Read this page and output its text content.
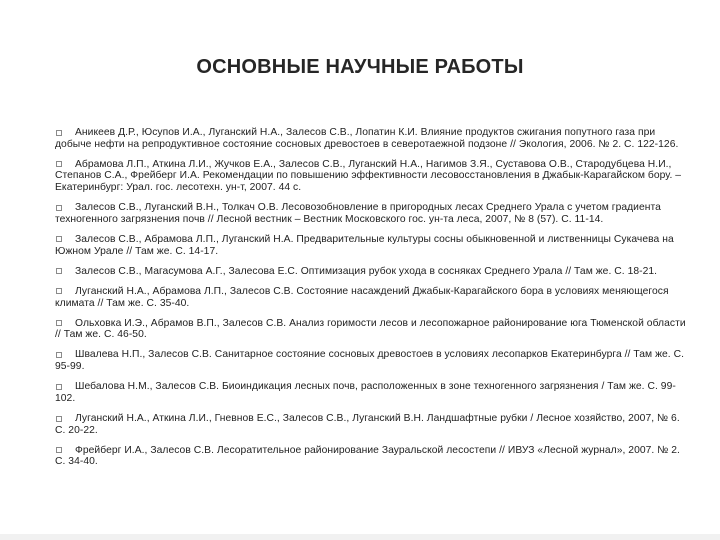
ОСНОВНЫЕ НАУЧНЫЕ РАБОТЫ
Аникеев Д.Р., Юсупов И.А., Луганский Н.А., Залесов С.В., Лопатин К.И. Влияние продуктов сжигания попутного газа при добыче нефти на репродуктивное состояние сосновых древостоев в северотаежной подзоне // Экология, 2006. № 2. С. 122-126.
Абрамова Л.П., Аткина Л.И., Жучков Е.А., Залесов С.В., Луганский Н.А., Нагимов З.Я., Суставова О.В., Стародубцева Н.И., Степанов С.А., Фрейберг И.А. Рекомендации по повышению эффективности лесовосстановления в Джабык-Карагайском бору. – Екатеринбург: Урал. гос. лесотехн. ун-т, 2007. 44 с.
Залесов С.В., Луганский В.Н., Толкач О.В. Лесовозобновление в пригородных лесах Среднего Урала с учетом градиента техногенного загрязнения почв // Лесной вестник – Вестник Московского гос. ун-та леса, 2007, № 8 (57). С. 11-14.
Залесов С.В., Абрамова Л.П., Луганский Н.А. Предварительные культуры сосны обыкновенной и лиственницы Сукачева на Южном Урале // Там же. С. 14-17.
Залесов С.В., Магасумова А.Г., Залесова Е.С. Оптимизация рубок ухода в сосняках Среднего Урала // Там же. С. 18-21.
Луганский Н.А., Абрамова Л.П., Залесов С.В. Состояние насаждений Джабык-Карагайского бора в условиях меняющегося климата // Там же. С. 35-40.
Ольховка И.Э., Абрамов В.П., Залесов С.В. Анализ горимости лесов и лесопожарное районирование юга Тюменской области // Там же. С. 46-50.
Швалева Н.П., Залесов С.В. Санитарное состояние сосновых древостоев в условиях лесопарков Екатеринбурга // Там же. С. 95-99.
Шебалова Н.М., Залесов С.В. Биоиндикация лесных почв, расположенных в зоне техногенного загрязнения / Там же. С. 99-102.
Луганский Н.А., Аткина Л.И., Гневнов Е.С., Залесов С.В., Луганский В.Н. Ландшафтные рубки / Лесное хозяйство, 2007, № 6. С. 20-22.
Фрейберг И.А., Залесов С.В. Лесоратительное районирование Зауральской лесостепи // ИВУЗ «Лесной журнал», 2007. № 2. С. 34-40.
